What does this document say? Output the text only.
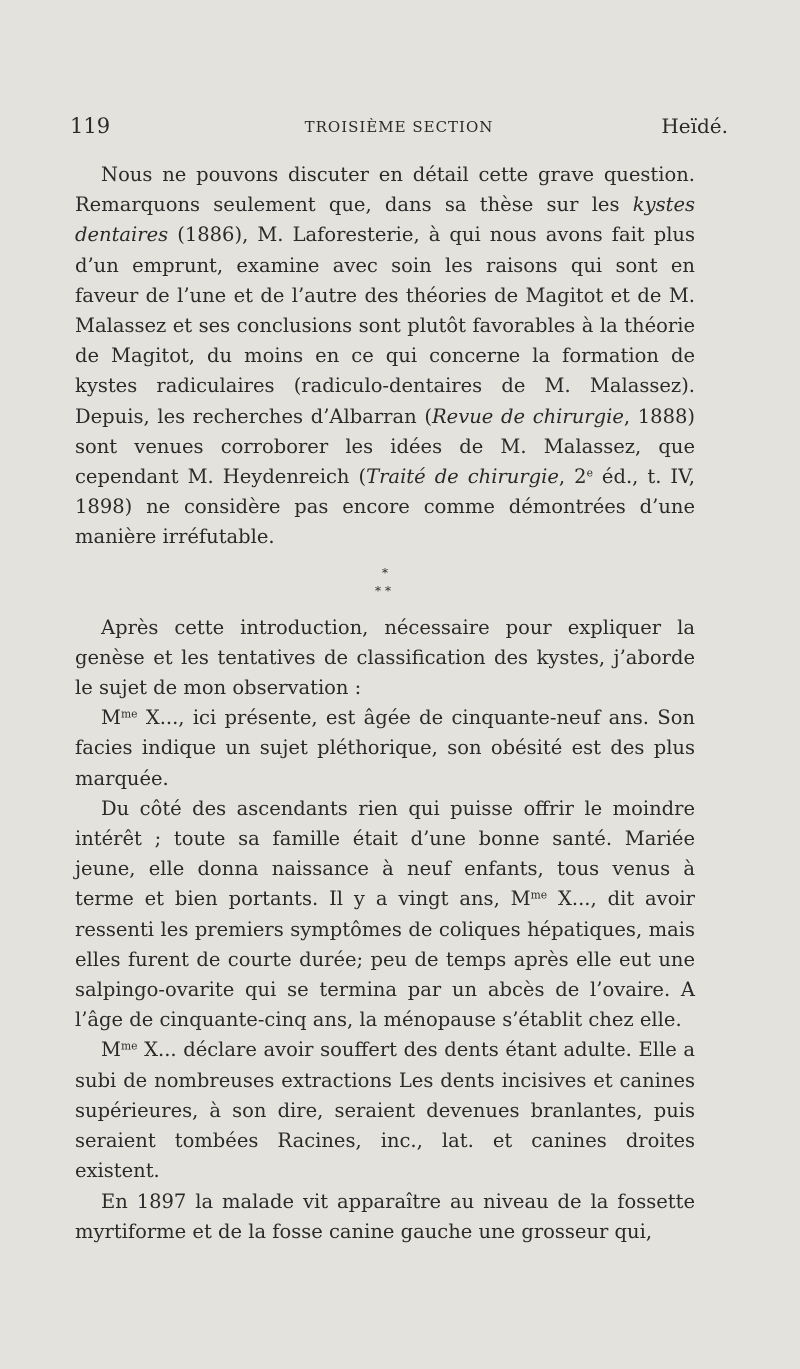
119	TROISIÈME SECTION	Heïdé.

Nous ne pouvons discuter en détail cette grave question. Remarquons seulement que, dans sa thèse sur les kystes dentaires (1886), M. Laforesterie, à qui nous avons fait plus d’un emprunt, examine avec soin les raisons qui sont en faveur de l’une et de l’autre des théories de Magitot et de M. Malassez et ses conclusions sont plutôt favorables à la théorie de Magitot, du moins en ce qui concerne la formation de kystes radiculaires (radiculo-dentaires de M. Malassez). Depuis, les recherches d’Albarran (Revue de chirurgie, 1888) sont venues corroborer les idées de M. Malassez, que cependant M. Heydenreich (Traité de chirurgie, 2e éd., t. IV, 1898) ne considère pas encore comme démontrées d’une manière irréfutable.

*
**

Après cette introduction, nécessaire pour expliquer la genèse et les tentatives de classification des kystes, j’aborde le sujet de mon observation :

$M^{me}$ X..., ici présente, est âgée de cinquante-neuf ans. Son facies indique un sujet pléthorique, son obésité est des plus marquée.

Du côté des ascendants rien qui puisse offrir le moindre intérêt ; toute sa famille était d’une bonne santé. Mariée jeune, elle donna naissance à neuf enfants, tous venus à terme et bien portants. Il y a vingt ans, $M^{me}$ X..., dit avoir ressenti les premiers symptômes de coliques hépatiques, mais elles furent de courte durée; peu de temps après elle eut une salpingo-ovarite qui se termina par un abcès de l’ovaire. A l’âge de cinquante-cinq ans, la ménopause s’établit chez elle.

$M^{me}$ X... déclare avoir souffert des dents étant adulte. Elle a subi de nombreuses extractions Les dents incisives et canines supérieures, à son dire, seraient devenues branlantes, puis seraient tombées Racines, inc., lat. et canines droites existent.

En 1897 la malade vit apparaître au niveau de la fossette myrtiforme et de la fosse canine gauche une grosseur qui,
